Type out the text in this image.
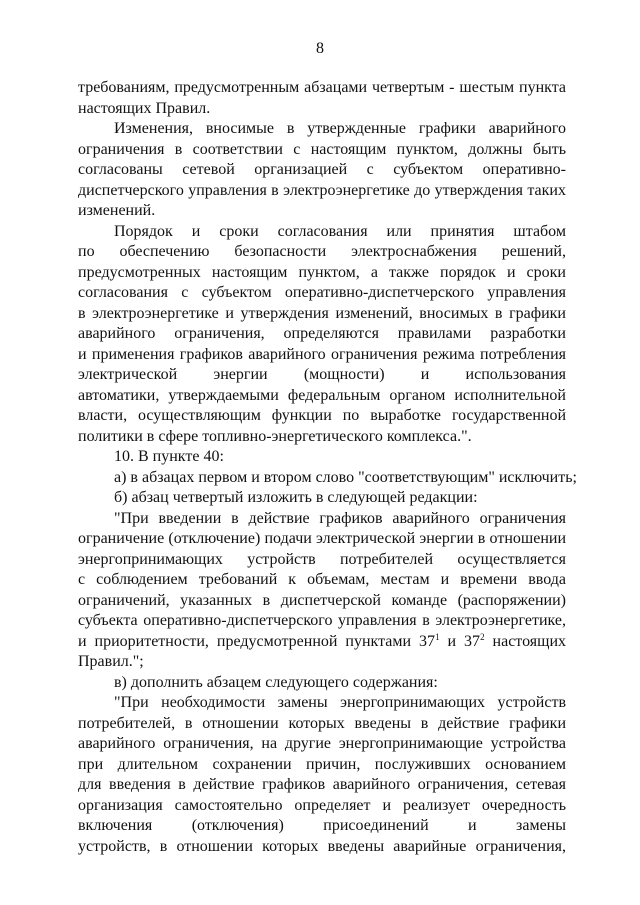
8
требованиям, предусмотренным абзацами четвертым - шестым пункта
настоящих Правил.
Изменения, вносимые в утвержденные графики аварийного
ограничения в соответствии с настоящим пунктом, должны быть
согласованы сетевой организацией с субъектом оперативно-
диспетчерского управления в электроэнергетике до утверждения таких
изменений.
Порядок и сроки согласования или принятия штабом
по обеспечению безопасности электроснабжения решений,
предусмотренных настоящим пунктом, а также порядок и сроки
согласования с субъектом оперативно-диспетчерского управления
в электроэнергетике и утверждения изменений, вносимых в графики
аварийного ограничения, определяются правилами разработки
и применения графиков аварийного ограничения режима потребления
электрической энергии (мощности) и использования
автоматики, утверждаемыми федеральным органом исполнительной
власти, осуществляющим функции по выработке государственной
политики в сфере топливно-энергетического комплекса.".
10. В пункте 40:
а) в абзацах первом и втором слово "соответствующим" исключить;
б) абзац четвертый изложить в следующей редакции:
"При введении в действие графиков аварийного ограничения
ограничение (отключение) подачи электрической энергии в отношении
энергопринимающих устройств потребителей осуществляется
с соблюдением требований к объемам, местам и времени ввода
ограничений, указанных в диспетчерской команде (распоряжении)
субъекта оперативно-диспетчерского управления в электроэнергетике,
и приоритетности, предусмотренной пунктами $37^1$ и $37^2$ настоящих
Правил.";
в) дополнить абзацем следующего содержания:
"При необходимости замены энергопринимающих устройств
потребителей, в отношении которых введены в действие графики
аварийного ограничения, на другие энергопринимающие устройства
при длительном сохранении причин, послуживших основанием
для введения в действие графиков аварийного ограничения, сетевая
организация самостоятельно определяет и реализует очередность
включения (отключения) присоединений и замены
устройств, в отношении которых введены аварийные ограничения,
